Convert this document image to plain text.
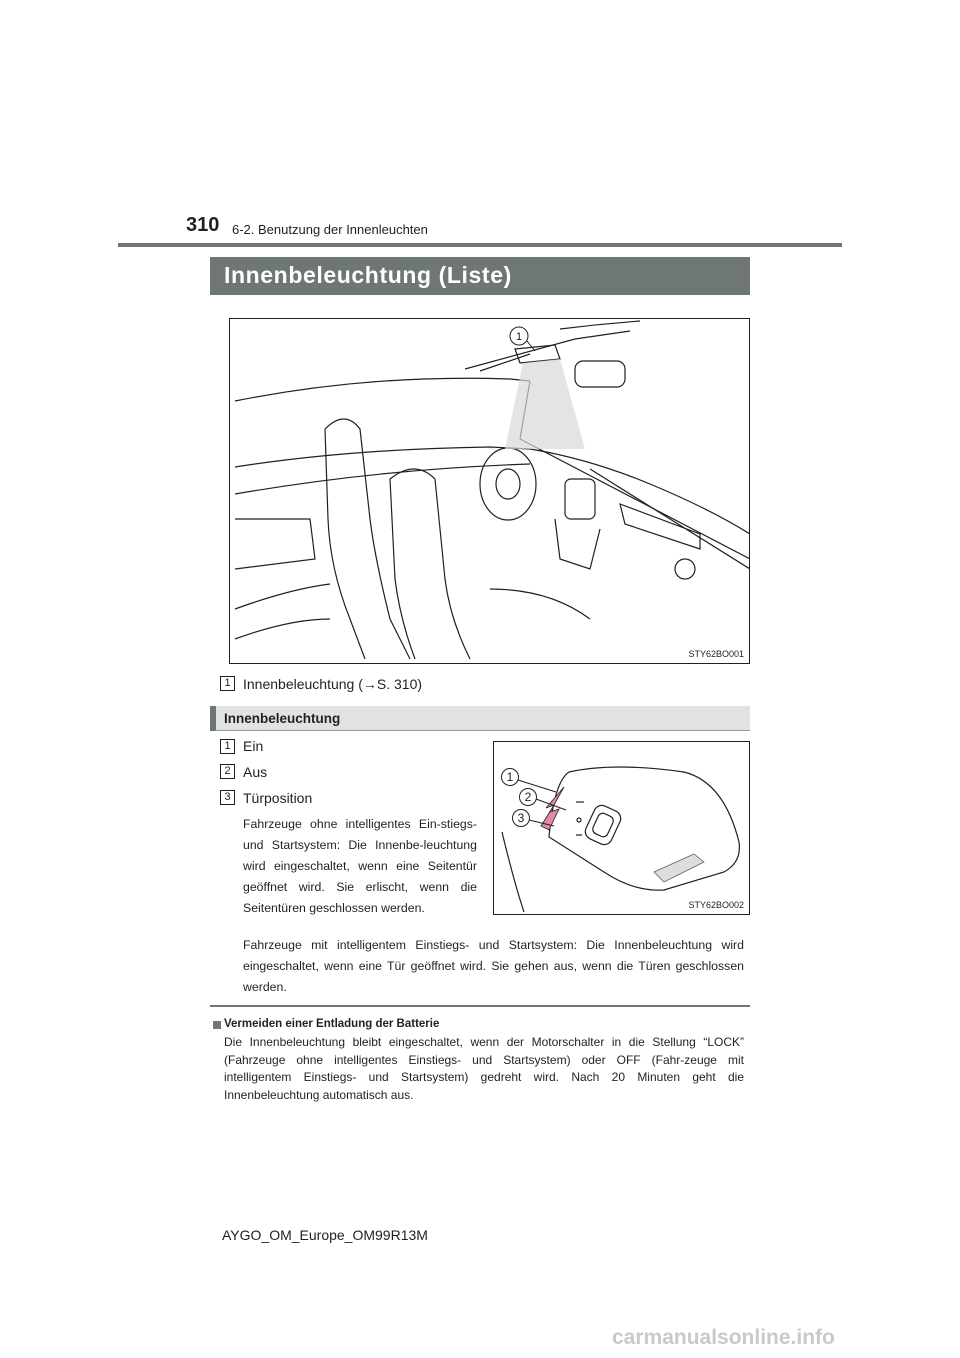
310 6-2. Benutzung der Innenleuchten
Innenbeleuchtung (Liste)
1
STY62BO001
1 Innenbeleuchtung (→S. 310)
Innenbeleuchtung
1 Ein
2 Aus
3 Türposition
1
2
3
STY62BO002
Fahrzeuge ohne intelligentes Ein-stiegs- und Startsystem: Die Innenbe-leuchtung wird eingeschaltet, wenn eine Seitentür geöffnet wird. Sie erlischt, wenn die Seitentüren geschlossen werden.
Fahrzeuge mit intelligentem Einstiegs- und Startsystem: Die Innenbeleuchtung wird eingeschaltet, wenn eine Tür geöffnet wird. Sie gehen aus, wenn die Türen geschlossen werden.
Vermeiden einer Entladung der Batterie
Die Innenbeleuchtung bleibt eingeschaltet, wenn der Motorschalter in die Stellung “LOCK” (Fahrzeuge ohne intelligentes Einstiegs- und Startsystem) oder OFF (Fahr-zeuge mit intelligentem Einstiegs- und Startsystem) gedreht wird. Nach 20 Minuten geht die Innenbeleuchtung automatisch aus.
AYGO_OM_Europe_OM99R13M
carmanualsonline.info
